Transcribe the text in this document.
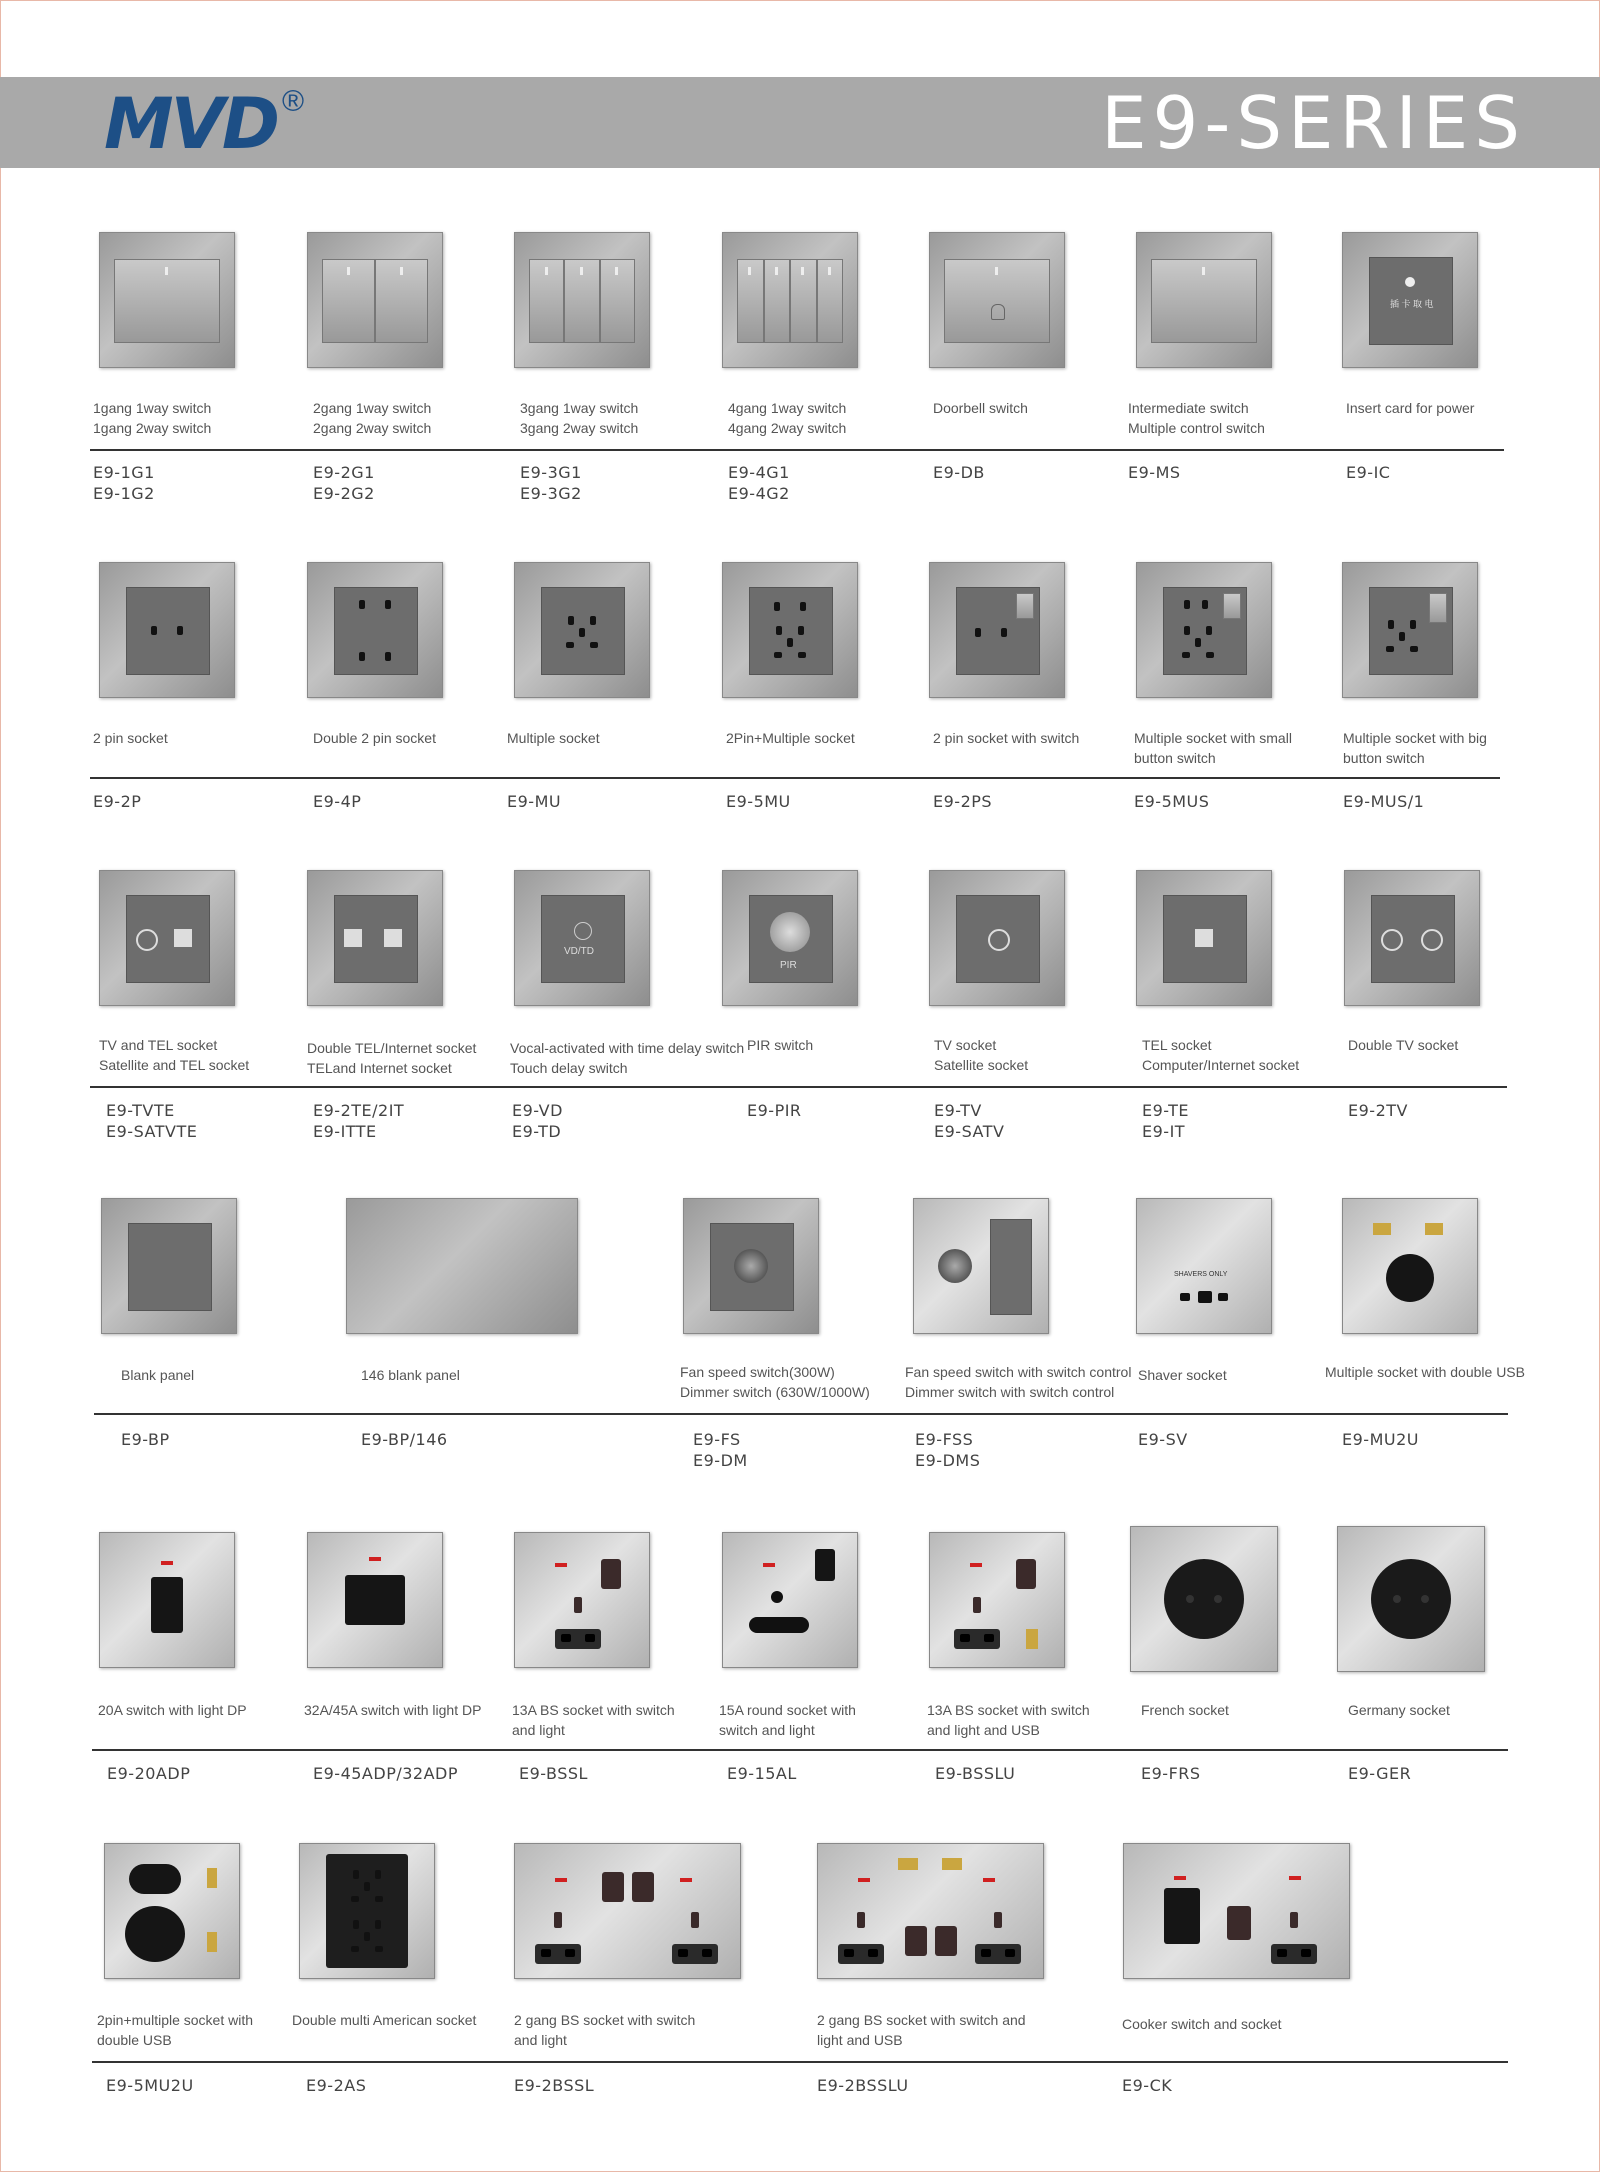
MVD ®	E9-SERIES
1gang 1way switch
1gang 2way switch
E9-1G1
E9-1G2
2gang 1way switch
2gang 2way switch
E9-2G1
E9-2G2
3gang 1way switch
3gang 2way switch
E9-3G1
E9-3G2
4gang 1way switch
4gang 2way switch
E9-4G1
E9-4G2
Doorbell switch
E9-DB
Intermediate switch
Multiple control switch
E9-MS
插 卡 取 电
Insert card for power
E9-IC
2 pin socket
E9-2P
Double 2 pin socket
E9-4P
Multiple socket
E9-MU
2Pin+Multiple socket
E9-5MU
2 pin socket with switch
E9-2PS
Multiple socket with small
button switch
E9-5MUS
Multiple socket with big
button switch
E9-MUS/1
TV and TEL socket
Satellite and TEL socket
E9-TVTE
E9-SATVTE
Double TEL/Internet socket
TELand Internet socket
E9-2TE/2IT
E9-ITTE
VD/TD
Vocal-activated with time delay switch
Touch delay switch
E9-VD
E9-TD
PIR
PIR switch
E9-PIR
TV socket
Satellite socket
E9-TV
E9-SATV
TEL socket
Computer/Internet socket
E9-TE
E9-IT
Double TV socket
E9-2TV
Blank panel
E9-BP
146 blank panel
E9-BP/146
Fan speed switch(300W)
Dimmer switch (630W/1000W)
E9-FS
E9-DM
Fan speed switch with switch control
Dimmer switch with switch control
E9-FSS
E9-DMS
SHAVERS ONLY
Shaver socket
E9-SV
Multiple socket with double USB
E9-MU2U
20A switch with light DP
E9-20ADP
32A/45A switch with light DP
E9-45ADP/32ADP
13A BS socket with switch
and light
E9-BSSL
15A round socket with
switch and light
E9-15AL
13A BS socket with switch
and light and USB
E9-BSSLU
French socket
E9-FRS
Germany socket
E9-GER
2pin+multiple socket with
double USB
E9-5MU2U
Double multi American socket
E9-2AS
2 gang BS socket with switch
and light
E9-2BSSL
2 gang BS socket with switch and
light and USB
E9-2BSSLU
Cooker switch and socket
E9-CK
